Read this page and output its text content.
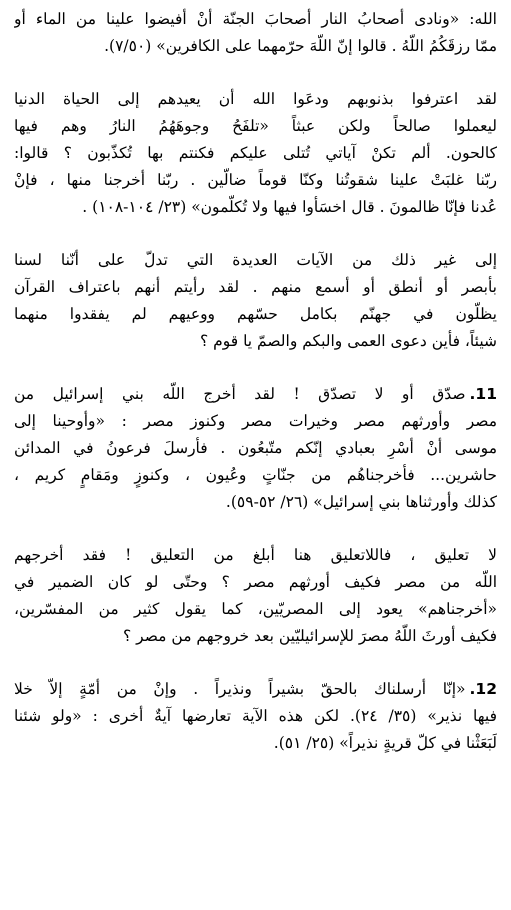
الله: «ونادى أصحابُ النار أصحابَ الجنّة أنْ أفيضوا علينا من الماء أو
ممّا رزقَكُمُ اللّهُ . قالوا إنّ اللّهَ حرّمهما على الكافرين» (٧/٥٠).

لقد اعترفوا بذنوبهم ودعَوا الله أن يعيدهم إلى الحياة الدنيا
ليعملوا صالحاً ولكن عبثاً «تلفَحُ وجوهَهُمُ النارُ وهم فيها
كالحون. ألم تكنْ آياتي تُتلى عليكم فكنتم بها تُكذّبون ؟ قالوا:
ربّنا غلبَتْ علينا شقوتُنا وكنّا قوماً ضالّين . ربّنا أخرجنا منها ، فإنْ
عُدنا فإنّا ظالمونَ . قال اخسَأوا فيها ولا تُكلّمون» (٢٣/ ١٠٤-١٠٨) .

إلى غير ذلك من الآيات العديدة التي تدلّ على أنّنا لسنا
بأبصر أو أنطق أو أسمع منهم . لقد رأيتم أنهم باعتراف القرآن
يظلّون في جهنّم بكامل حسّهم ووعيهم لم يفقدوا منهما
شيئاً، فأين دعوى العمى والبكم والصمّ يا قوم ؟

11.صدّق أو لا تصدّق ! لقد أخرج اللّه بني إسرائيل من
مصر وأورثهم مصر وخيرات مصر وكنوز مصر : «وأوحينا إلى
موسى أنْ أسْرِ بعبادي إنّكم متّبعُون . فأرسلَ فرعونُ في المدائن
حاشرين... فأخرجناهُم من جنّاتٍ وعُيون ، وكنوزٍ ومَقامٍ كريم ،
كذلك وأورثناها بني إسرائيل» (٢٦/ ٥٢-٥٩).

لا تعليق ، فاللاتعليق هنا أبلغ من التعليق ! فقد أخرجهم
اللّه من مصر فكيف أورثهم مصر ؟ وحتّى لو كان الضمير في
«أخرجناهم» يعود إلى المصريّين، كما يقول كثير من المفسّرين،
فكيف أورثَ اللّهُ مصرَ للإسرائيليّين بعد خروجهم من مصر ؟

12.«إنّا أرسلناك بالحقّ بشيراً ونذيراً . وإنْ من أمّةٍ إلاّ خلا
فيها نذير» (٣٥/ ٢٤). لكن هذه الآية تعارضها آيةٌ أخرى : «ولو شئنا
لَبَعَثْنا في كلّ قريةٍ نذيراً» (٢٥/ ٥١).
